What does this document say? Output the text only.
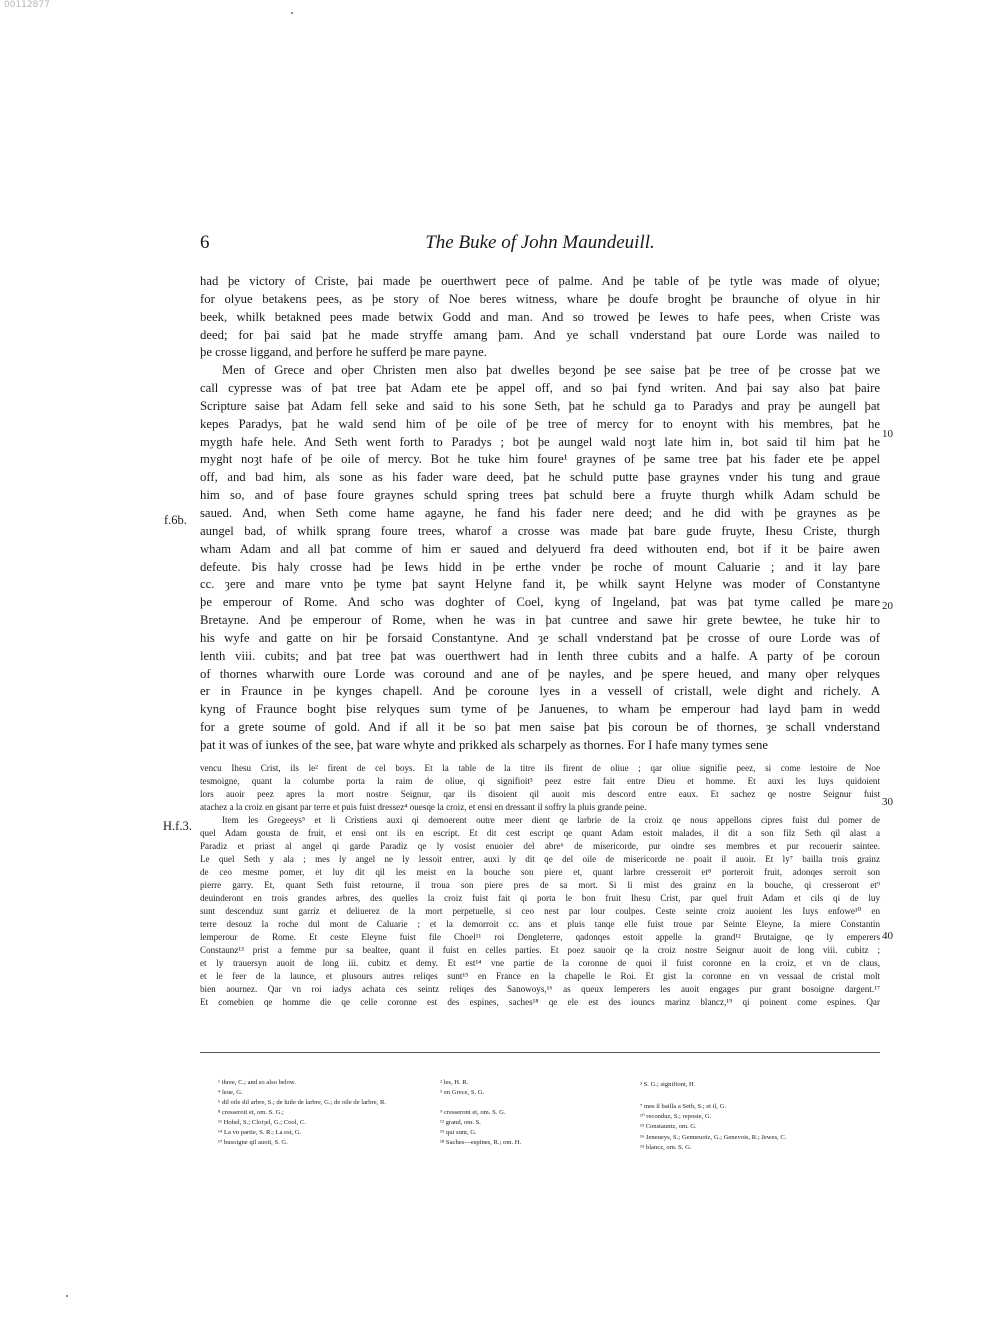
00112877
6	The Buke of John Maundeuill.
had þe victory of Criste, þai made þe ouerthwert pece of palme. And þe table of þe tytle was made of olyue;
for olyue betakens pees, as þe story of Noe beres witness, whare þe doufe broght þe braunche of olyue in hir
beek, whilk betakned pees made betwix Godd and man. And so trowed þe Iewes to hafe pees, when Criste was
deed; for þai said þat he made stryffe amang þam. And ye schall vnderstand þat oure Lorde was nailed to
þe crosse liggand, and þerfore he sufferd þe mare payne.
Men of Grece and oþer Christen men also þat dwelles beȝond þe see saise þat þe tree of þe crosse þat we
call cypresse was of þat tree þat Adam ete þe appel off, and so þai fynd writen. And þai say also þat þaire
Scripture saise þat Adam fell seke and said to his sone Seth, þat he schuld ga to Paradys and pray þe aungell þat
kepes Paradys, þat he wald send him of þe oile of þe tree of mercy for to enoynt with his membres, þat he
mygth hafe hele. And Seth went forth to Paradys ; bot þe aungel wald noȝt late him in, bot said til him þat he
myght noȝt hafe of þe oile of mercy. Bot he tuke him foure¹ graynes of þe same tree þat his fader ete þe appel
off, and bad him, als sone as his fader ware deed, þat he schuld putte þase graynes vnder his tung and graue
him so, and of þase foure graynes schuld spring trees þat schuld bere a fruyte thurgh whilk Adam schuld be
saued. And, when Seth come hame agayne, he fand his fader nere deed; and he did with þe graynes as þe
aungel bad, of whilk sprang foure trees, wharof a crosse was made þat bare gude fruyte, Ihesu Criste, thurgh
wham Adam and all þat comme of him er saued and delyuerd fra deed withouten end, bot if it be þaire awen
defeute. Þis haly crosse had þe Iews hidd in þe erthe vnder þe roche of mount Caluarie ; and it lay þare
cc. ȝere and mare vnto þe tyme þat saynt Helyne fand it, þe whilk saynt Helyne was moder of Constantyne
þe emperour of Rome. And scho was doghter of Coel, kyng of Ingeland, þat was þat tyme called þe mare
Bretayne. And þe emperour of Rome, when he was in þat cuntree and sawe hir grete bewtee, he tuke hir to
his wyfe and gatte on hir þe forsaid Constantyne. And ȝe schall vnderstand þat þe crosse of oure Lorde was of
lenth viii. cubits; and þat tree þat was ouerthwert had in lenth three cubits and a halfe. A party of þe coroun
of thornes wharwith oure Lorde was coround and ane of þe nayles, and þe spere heued, and many oþer relyques
er in Fraunce in þe kynges chapell. And þe coroune lyes in a vessell of cristall, wele dight and richely. A
kyng of Fraunce boght þise relyques sum tyme of þe Januenes, to wham þe emperour had layd þam in wedd
for a grete soume of gold. And if all it be so þat men saise þat þis coroun be of thornes, ȝe schall vnderstand
þat it was of iunkes of the see, þat ware whyte and prikked als scharpely as thornes. For I hafe many tymes sene
f.6b.
10
20
vencu Ihesu Crist, ils le² firent de cel boys. Et la table de la titre ils firent de oliue ; qar oliue signifie peez, si come lestoire de Noe
tesmoigne, quant la columbe porta la raim de oliue, qi signifioit³ peez estre fait entre Dieu et homme. Et auxi les Iuys quidoient
lors auoir peez apres la mort nostre Seignur, qar ils disoient qil auoit mis descord entre eaux. Et sachez qe nostre Seignur fuist
atachez a la croiz en gisant par terre et puis fuist dressez⁴ ouesqe la croiz, et ensi en dressant il soffry la pluis grande peine.
Item les Gregeeys⁵ et li Cristiens auxi qi demoerent outre meer dient qe larbrie de la croiz qe nous appellons cipres fuist dul pomer de
quel Adam gousta de fruit, et ensi ont ils en escript. Et dit cest escript qe quant Adam estoit malades, il dit a son filz Seth qil alast a
Paradiz et priast al angel qi garde Paradiz qe ly vosist enuoier del abre⁶ de misericorde, pur oindre ses membres et pur recouerir saintee.
Le quel Seth y ala ; mes ly angel ne ly lessoit entrer, auxi ly dit qe del oile de misericorde ne poait il auoir. Et ly⁷ bailla trois grainz
de ceo mesme pomer, et luy dit qil les meist en la bouche son piere et, quant larbre cresseroit et⁸ porteroit fruit, adonqes serroit son
pierre garry. Et, quant Seth fuist retourne, il troua son piere pres de sa mort. Si li mist des grainz en la bouche, qi cresseront et⁹
deuinderont en trois grandes arbres, des quelles la croiz fuist fait qi porta le bon fruit Ihesu Crist, par quel fruit Adam et cils qi de luy
sunt descenduz sunt garriz et deliuerez de la mort perpetuelle, si ceo nest par lour coulpes. Ceste seinte croiz auoient les Iuys enfowe¹⁰ en
terre desouz la roche dul mont de Caluarie ; et la demorroit cc. ans et pluis tanqe elle fuist troue par Seinte Eleyne, la miere Constantin
lemperour de Rome. Et ceste Eleyne fuist file Choel¹¹ roi Dengleterre, qadonqes estoit appelle la grand¹² Brutaigne, qe ly emperers
Constaunz¹³ prist a femme pur sa bealtee, quant il fuist en celles parties. Et poez sauoir qe la croiz nostre Seignur auoit de long viii. cubitz ;
et ly trauersyn auoit de long iii. cubitz et demy. Et est¹⁴ vne partie de la coronne de quoi il fuist coronne en la croiz, et vn de claus,
et le feer de la launce, et plusours autres reliqes sunt¹⁵ en France en la chapelle le Roi. Et gist la coronne en vn vessaal de cristal molt
bien aournez. Qar vn roi iadys achata ces seintz reliqes des Sanowoys,¹⁶ as queux lemperers les auoit engages pur grant bosoigne dargent.¹⁷
Et comebien qe homme die qe celle coronne est des espines, saches¹⁸ qe ele est des iouncs marinz blancz,¹⁹ qi poinent come espines. Qar
H.f.3.
30
40
¹ three, C.; and so also below.	² les, H. R.	³ S. G.; signifiont, H.
⁴ leue, G.	⁵ en Grece, S. G.
⁶ dil oile dil arbre, S.; de luile de larbre, G.; de oile de larbre, R.
⁷ mes il bailla a Seth, S.; et il, G.
⁸ cresseroit et, om. S. G.;	⁹ cresseront et, om. S. G.
¹⁰ reconduz, S.; reposte, G.
¹¹ Hohel, S.; Cloiȝel, G.; Cool, C.	¹² grand, om. S.
¹³ Constauntz, om. G.
¹⁴ La vn partie, S. R.; La est, G.	¹⁵ qui sunt, G.
¹⁶ Jeneueys, S.; Genneuoiz, G.; Genevois, R.; Jewes, C.
¹⁷ busoigne qil auoit, S. G.	¹⁸ Saches—espines, R.; om. H.
¹⁹ blancz, om. S. G.
